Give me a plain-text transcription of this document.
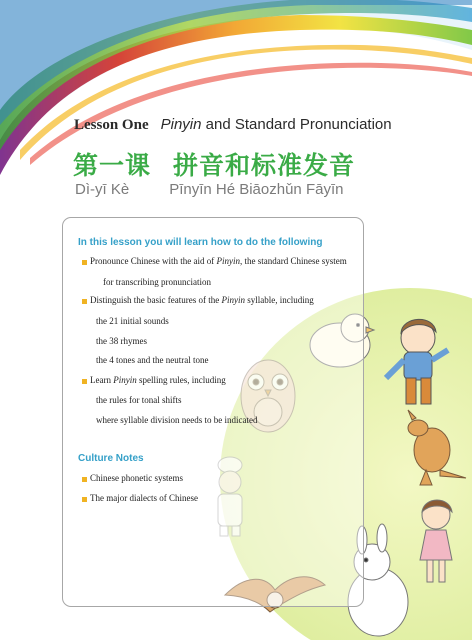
Lesson One Pinyin and Standard Pronunciation
第一课 拼音和标准发音
Dì-yī Kè	Pīnyīn Hé Biāozhǔn Fāyīn
In this lesson you will learn how to do the following
Pronounce Chinese with the aid of Pinyin, the standard Chinese system
for transcribing pronunciation
Distinguish the basic features of the Pinyin syllable, including
the 21 initial sounds
the 38 rhymes
the 4 tones and the neutral tone
Learn Pinyin spelling rules, including
the rules for tonal shifts
where syllable division needs to be indicated
Culture Notes
Chinese phonetic systems
The major dialects of Chinese
